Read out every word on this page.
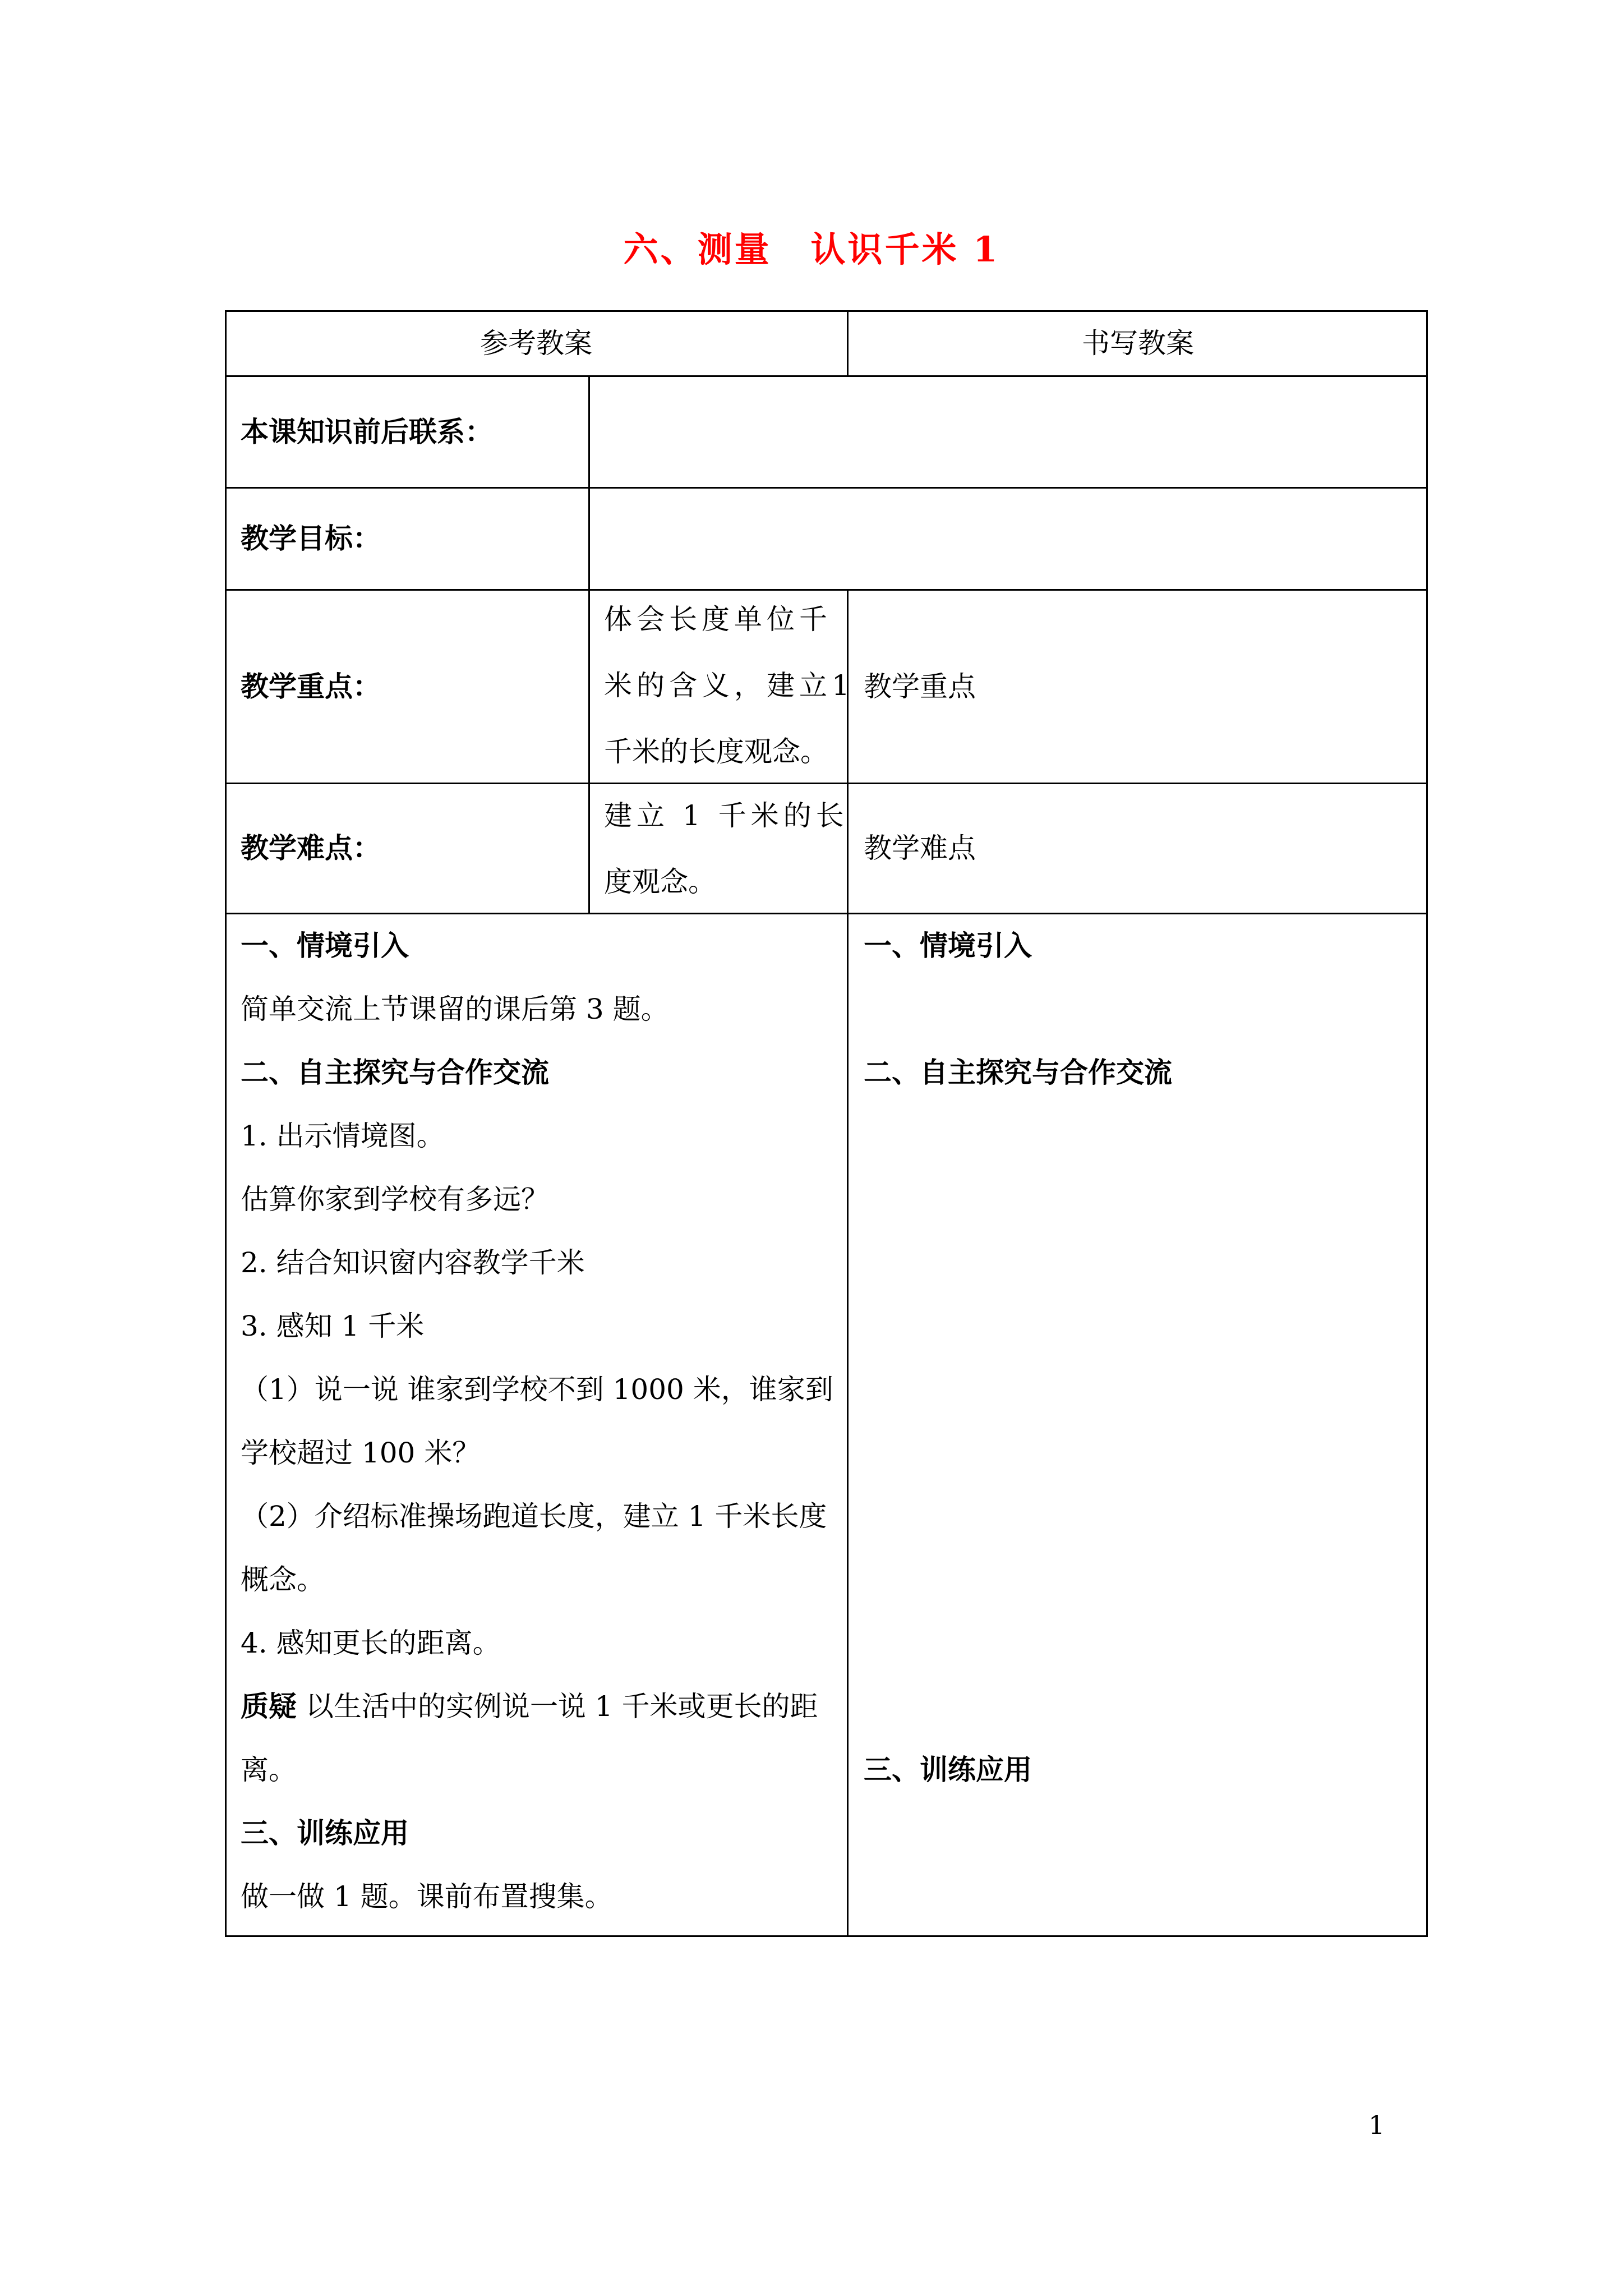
六、测量 认识千米 1
参考教案	书写教案
本课知识前后联系：
教学目标：
教学重点：
体会长度单位千
米的含义，建立1
千米的长度观念。
教学重点
教学难点：
建立 1 千米的长
度观念。
教学难点
一、情境引入
简单交流上节课留的课后第 3 题。
二、自主探究与合作交流
1. 出示情境图。
估算你家到学校有多远？
2. 结合知识窗内容教学千米
3. 感知 1 千米
（1）说一说 谁家到学校不到 1000 米，谁家到
学校超过 100 米？
（2）介绍标准操场跑道长度，建立 1 千米长度
概念。
4. 感知更长的距离。
质疑 以生活中的实例说一说 1 千米或更长的距
离。
三、训练应用
做一做 1 题。课前布置搜集。
一、情境引入
二、自主探究与合作交流
三、训练应用
1
